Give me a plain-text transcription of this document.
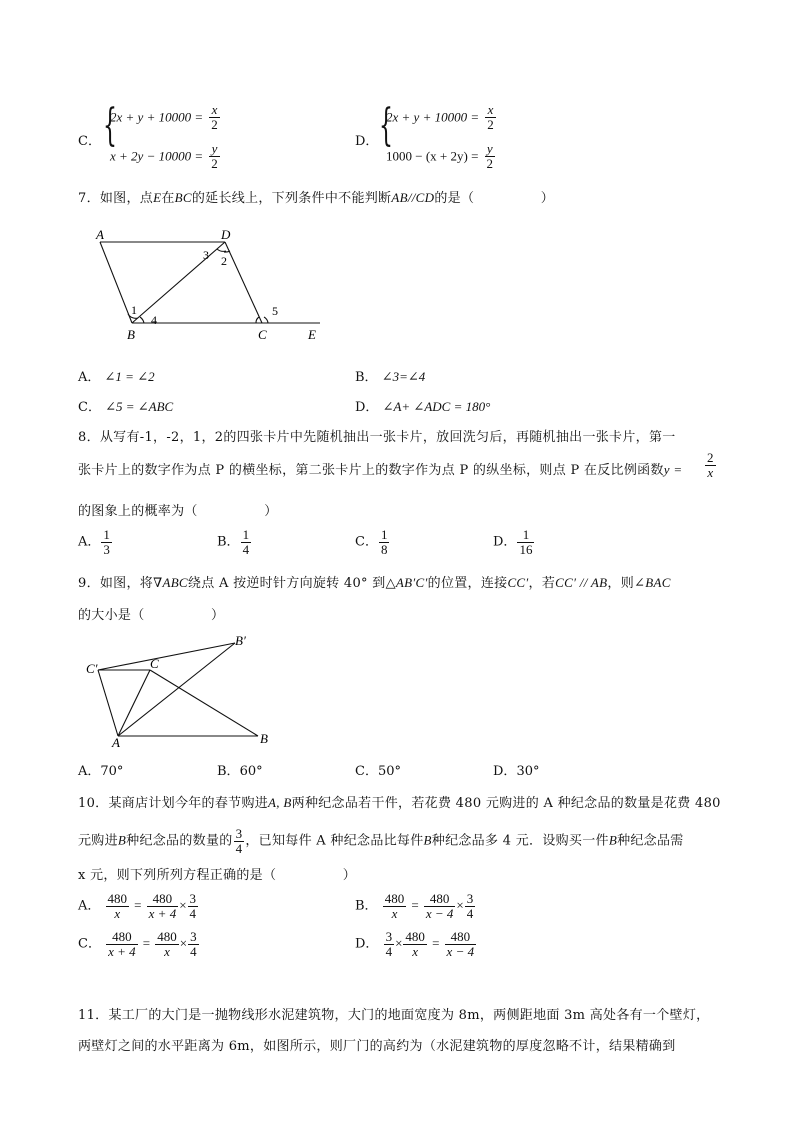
C． {
$2x + y + 10000 = \frac{x}{2}$
$x + 2y - 10000 = \frac{y}{2}$
D． {
$2x + y + 10000 = \frac{x}{2}$
$1000 - (x + 2y) = \frac{y}{2}$
7．如图，点E在BC的延长线上，下列条件中不能判断AB//CD的是（　　　　　）
A	D
B	C	E
1
2
3
4
5
A． ∠1 = ∠2	B． ∠3=∠4
C． ∠5 = ∠ABC	D． ∠A+ ∠ADC = 180°
8．从写有-1，-2，1，2的四张卡片中先随机抽出一张卡片，放回洗匀后，再随机抽出一张卡片，第一
张卡片上的数字作为点 P 的横坐标，第二张卡片上的数字作为点 P 的纵坐标，则点 P 在反比例函数$y = \frac{2}{x}$
的图象上的概率为（　　　　　）
A． $\frac{1}{3}$	B． $\frac{1}{4}$	C． $\frac{1}{8}$	D． $\frac{1}{16}$
9．如图，将∇ABC绕点 A 按逆时针方向旋转 40° 到△AB′C′的位置，连接CC′，若CC′ // AB，则∠BAC
的大小是（　　　　　）
A	B
C
B′
C′
A．70°	B．60°	C．50°	D．30°
10．某商店计划今年的春节购进A, B两种纪念品若干件，若花费 480 元购进的 A 种纪念品的数量是花费 480
元购进B种纪念品的数量的 $\frac{3}{4}$ ，已知每件 A 种纪念品比每件B种纪念品多 4 元．设购买一件B种纪念品需
x 元，则下列所列方程正确的是（　　　　　）
A． $\frac{480}{x} = \frac{480}{x + 4} \times \frac{3}{4}$	B． $\frac{480}{x} = \frac{480}{x - 4} \times \frac{3}{4}$
C． $\frac{480}{x + 4} = \frac{480}{x} \times \frac{3}{4}$	D． $\frac{3}{4} \times \frac{480}{x} = \frac{480}{x - 4}$
11．某工厂的大门是一抛物线形水泥建筑物，大门的地面宽度为 8m，两侧距地面 3m 高处各有一个壁灯，
两壁灯之间的水平距离为 6m，如图所示，则厂门的高约为（水泥建筑物的厚度忽略不计，结果精确到
